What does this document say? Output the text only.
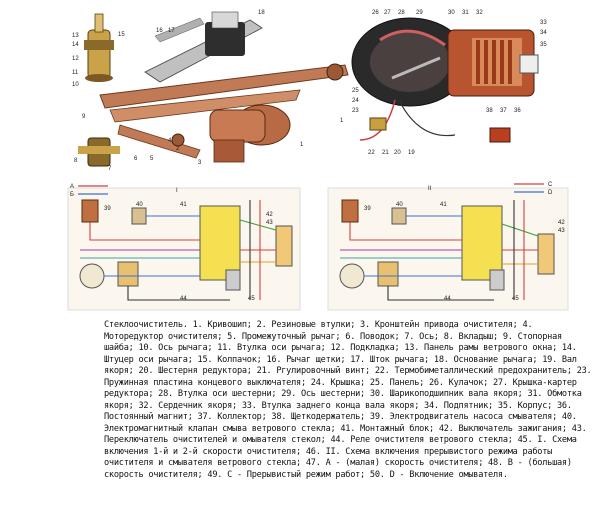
13
14
15
12
11
10
16 17
18
9
8
7
6 5
4
3
2
1
1
26 27 28 29	30 31 32
33
34
35
25
24
23
22 21 20 19
36
37
38
A
Б
I
39
40	41
42
43
44	45
С
D
II
39
40	41
42
43
44	45

Стеклоочиститель. 1. Кривошип; 2. Резиновые втулки; 3. Кронштейн привода очистителя; 4. Моторедуктор очистителя; 5. Промежуточный рычаг; 6. Поводок; 7. Ось; 8. Вкладыш; 9. Стопорная шайба; 10. Ось рычага; 11. Втулка оси рычага; 12. Подкладка; 13. Панель рамы ветрового окна; 14. Штуцер оси рычага; 15. Колпачок; 16. Рычаг щетки; 17. Шток рычага; 18. Основание рычага; 19. Вал якоря; 20. Шестерня редуктора; 21. Ргулировочный винт; 22. Термобиметаллический предохранитель; 23. Пружинная пластина концевого выключателя; 24. Крышка; 25. Панель; 26. Кулачок; 27. Крышка-картер редуктора; 28. Втулка оси шестерни; 29. Ось шестерни; 30. Шарикоподшипник вала якоря; 31. Обмотка якоря; 32. Сердечник якоря; 33. Втулка заднего конца вала якоря; 34. Подпятник; 35. Корпус; 36. Постоянный магнит; 37. Коллектор; 38. Щеткодержатель; 39. Электродвигатель насоса смывателя; 40. Электромагнитный клапан смыва ветрового стекла; 41. Монтажный блок; 42. Выключатель зажигания; 43. Переключатель очистителей и омывателя стекол; 44. Реле очистителя ветрового стекла; 45. I. Схема включения 1-й и 2-й скорости очистителя; 46. II. Схема включения прерывистого режима работы очистителя и смывателя ветрового стекла; 47. А - (малая) скорость очистителя; 48. B - (большая) скорость очистителя; 49. С - Прерывистый режим работ; 50. D - Включение омывателя.
